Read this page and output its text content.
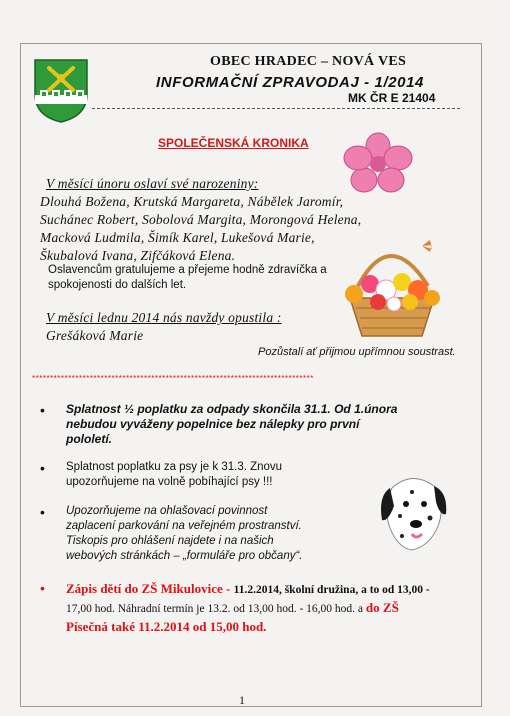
OBEC HRADEC – NOVÁ VES
INFORMAČNÍ ZPRAVODAJ - 1/2014
MK ČR E 21404
SPOLEČENSKÁ KRONIKA
V měsíci únoru oslaví své narozeniny:
Dlouhá Božena, Krutská Margareta, Nábělek Jaromír,
Suchánec Robert, Sobolová Margita, Morongová Helena,
Macková Ludmila, Šimík Karel, Lukešová Marie,
Škubalová Ivana, Zifčáková Elena.
Oslavencům gratulujeme a přejeme hodně zdravíčka a
spokojenosti do dalších let.
V měsíci lednu 2014 nás navždy opustila :
Grešáková Marie
Pozůstalí ať přijmou upřímnou soustrast.
******************************************************************************
• Splatnost ½ poplatku za odpady skončila 31.1. Od 1.února
nebudou vyváženy popelnice bez nálepky pro první
pololetí.
• Splatnost poplatku za psy je k 31.3. Znovu
upozorňujeme na volně pobíhající psy !!!
• Upozorňujeme na ohlašovací povinnost
zaplacení parkování na veřejném prostranství.
Tiskopis pro ohlášení najdete i na našich
webových stránkách – „formuláře pro občany“.
• Zápis dětí do ZŠ Mikulovice - 11.2.2014, školní družina, a to od 13,00 -
17,00 hod. Náhradní termín je 13.2. od 13,00 hod. - 16,00 hod. a do ZŠ
Písečná také 11.2.2014 od 15,00 hod.
1
